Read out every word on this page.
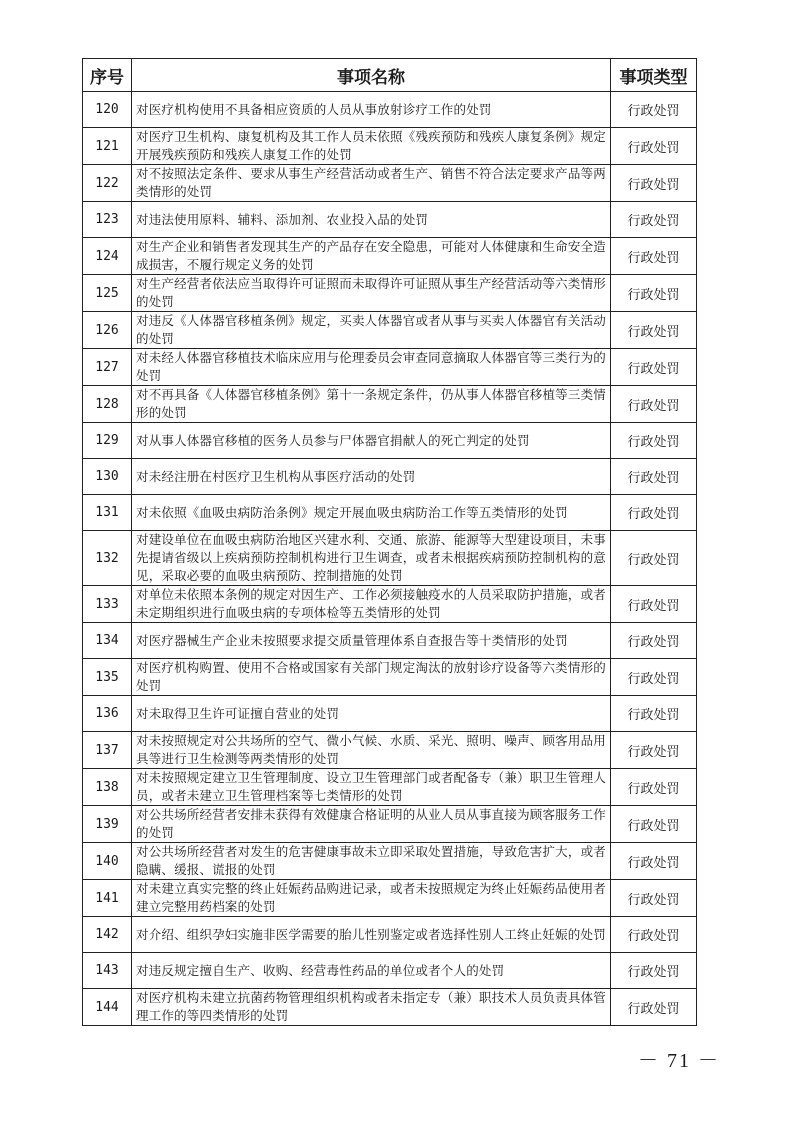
序号	事项名称	事项类型
120	对医疗机构使用不具备相应资质的人员从事放射诊疗工作的处罚	行政处罚
121	对医疗卫生机构、康复机构及其工作人员未依照《残疾预防和残疾人康复条例》规定开展残疾预防和残疾人康复工作的处罚	行政处罚
122	对不按照法定条件、要求从事生产经营活动或者生产、销售不符合法定要求产品等两类情形的处罚	行政处罚
123	对违法使用原料、辅料、添加剂、农业投入品的处罚	行政处罚
124	对生产企业和销售者发现其生产的产品存在安全隐患，可能对人体健康和生命安全造成损害，不履行规定义务的处罚	行政处罚
125	对生产经营者依法应当取得许可证照而未取得许可证照从事生产经营活动等六类情形的处罚	行政处罚
126	对违反《人体器官移植条例》规定，买卖人体器官或者从事与买卖人体器官有关活动的处罚	行政处罚
127	对未经人体器官移植技术临床应用与伦理委员会审查同意摘取人体器官等三类行为的处罚	行政处罚
128	对不再具备《人体器官移植条例》第十一条规定条件，仍从事人体器官移植等三类情形的处罚	行政处罚
129	对从事人体器官移植的医务人员参与尸体器官捐献人的死亡判定的处罚	行政处罚
130	对未经注册在村医疗卫生机构从事医疗活动的处罚	行政处罚
131	对未依照《血吸虫病防治条例》规定开展血吸虫病防治工作等五类情形的处罚	行政处罚
132	对建设单位在血吸虫病防治地区兴建水利、交通、旅游、能源等大型建设项目，未事先提请省级以上疾病预防控制机构进行卫生调查，或者未根据疾病预防控制机构的意见，采取必要的血吸虫病预防、控制措施的处罚	行政处罚
133	对单位未依照本条例的规定对因生产、工作必须接触疫水的人员采取防护措施，或者未定期组织进行血吸虫病的专项体检等五类情形的处罚	行政处罚
134	对医疗器械生产企业未按照要求提交质量管理体系自查报告等十类情形的处罚	行政处罚
135	对医疗机构购置、使用不合格或国家有关部门规定淘汰的放射诊疗设备等六类情形的处罚	行政处罚
136	对未取得卫生许可证擅自营业的处罚	行政处罚
137	对未按照规定对公共场所的空气、微小气候、水质、采光、照明、噪声、顾客用品用具等进行卫生检测等两类情形的处罚	行政处罚
138	对未按照规定建立卫生管理制度、设立卫生管理部门或者配备专（兼）职卫生管理人员，或者未建立卫生管理档案等七类情形的处罚	行政处罚
139	对公共场所经营者安排未获得有效健康合格证明的从业人员从事直接为顾客服务工作的处罚	行政处罚
140	对公共场所经营者对发生的危害健康事故未立即采取处置措施，导致危害扩大，或者隐瞒、缓报、谎报的处罚	行政处罚
141	对未建立真实完整的终止妊娠药品购进记录，或者未按照规定为终止妊娠药品使用者建立完整用药档案的处罚	行政处罚
142	对介绍、组织孕妇实施非医学需要的胎儿性别鉴定或者选择性别人工终止妊娠的处罚	行政处罚
143	对违反规定擅自生产、收购、经营毒性药品的单位或者个人的处罚	行政处罚
144	对医疗机构未建立抗菌药物管理组织机构或者未指定专（兼）职技术人员负责具体管理工作的等四类情形的处罚	行政处罚
－ 71 －
